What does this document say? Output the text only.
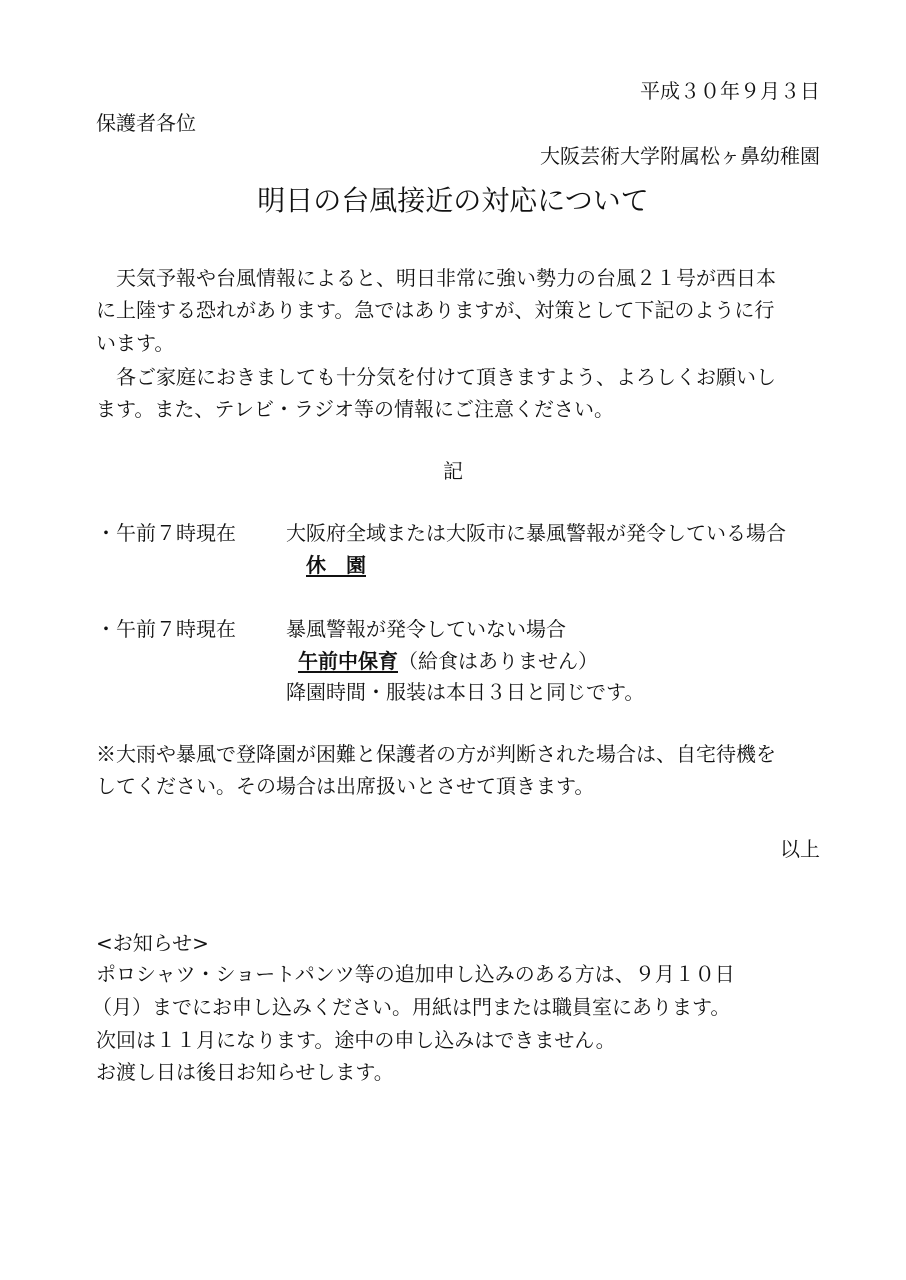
平成３０年９月３日
保護者各位
大阪芸術大学附属松ヶ鼻幼稚園
明日の台風接近の対応について
　天気予報や台風情報によると、明日非常に強い勢力の台風２１号が西日本
に上陸する恐れがあります。急ではありますが、対策として下記のように行
います。
　各ご家庭におきましても十分気を付けて頂きますよう、よろしくお願いし
ます。また、テレビ・ラジオ等の情報にご注意ください。
記
・午前７時現在	大阪府全域または大阪市に暴風警報が発令している場合
休　園
・午前７時現在	暴風警報が発令していない場合
午前中保育（給食はありません）
降園時間・服装は本日３日と同じです。
※大雨や暴風で登降園が困難と保護者の方が判断された場合は、自宅待機を
してください。その場合は出席扱いとさせて頂きます。
以上
<お知らせ>
ポロシャツ・ショートパンツ等の追加申し込みのある方は、９月１０日
（月）までにお申し込みください。用紙は門または職員室にあります。
次回は１１月になります。途中の申し込みはできません。
お渡し日は後日お知らせします。
